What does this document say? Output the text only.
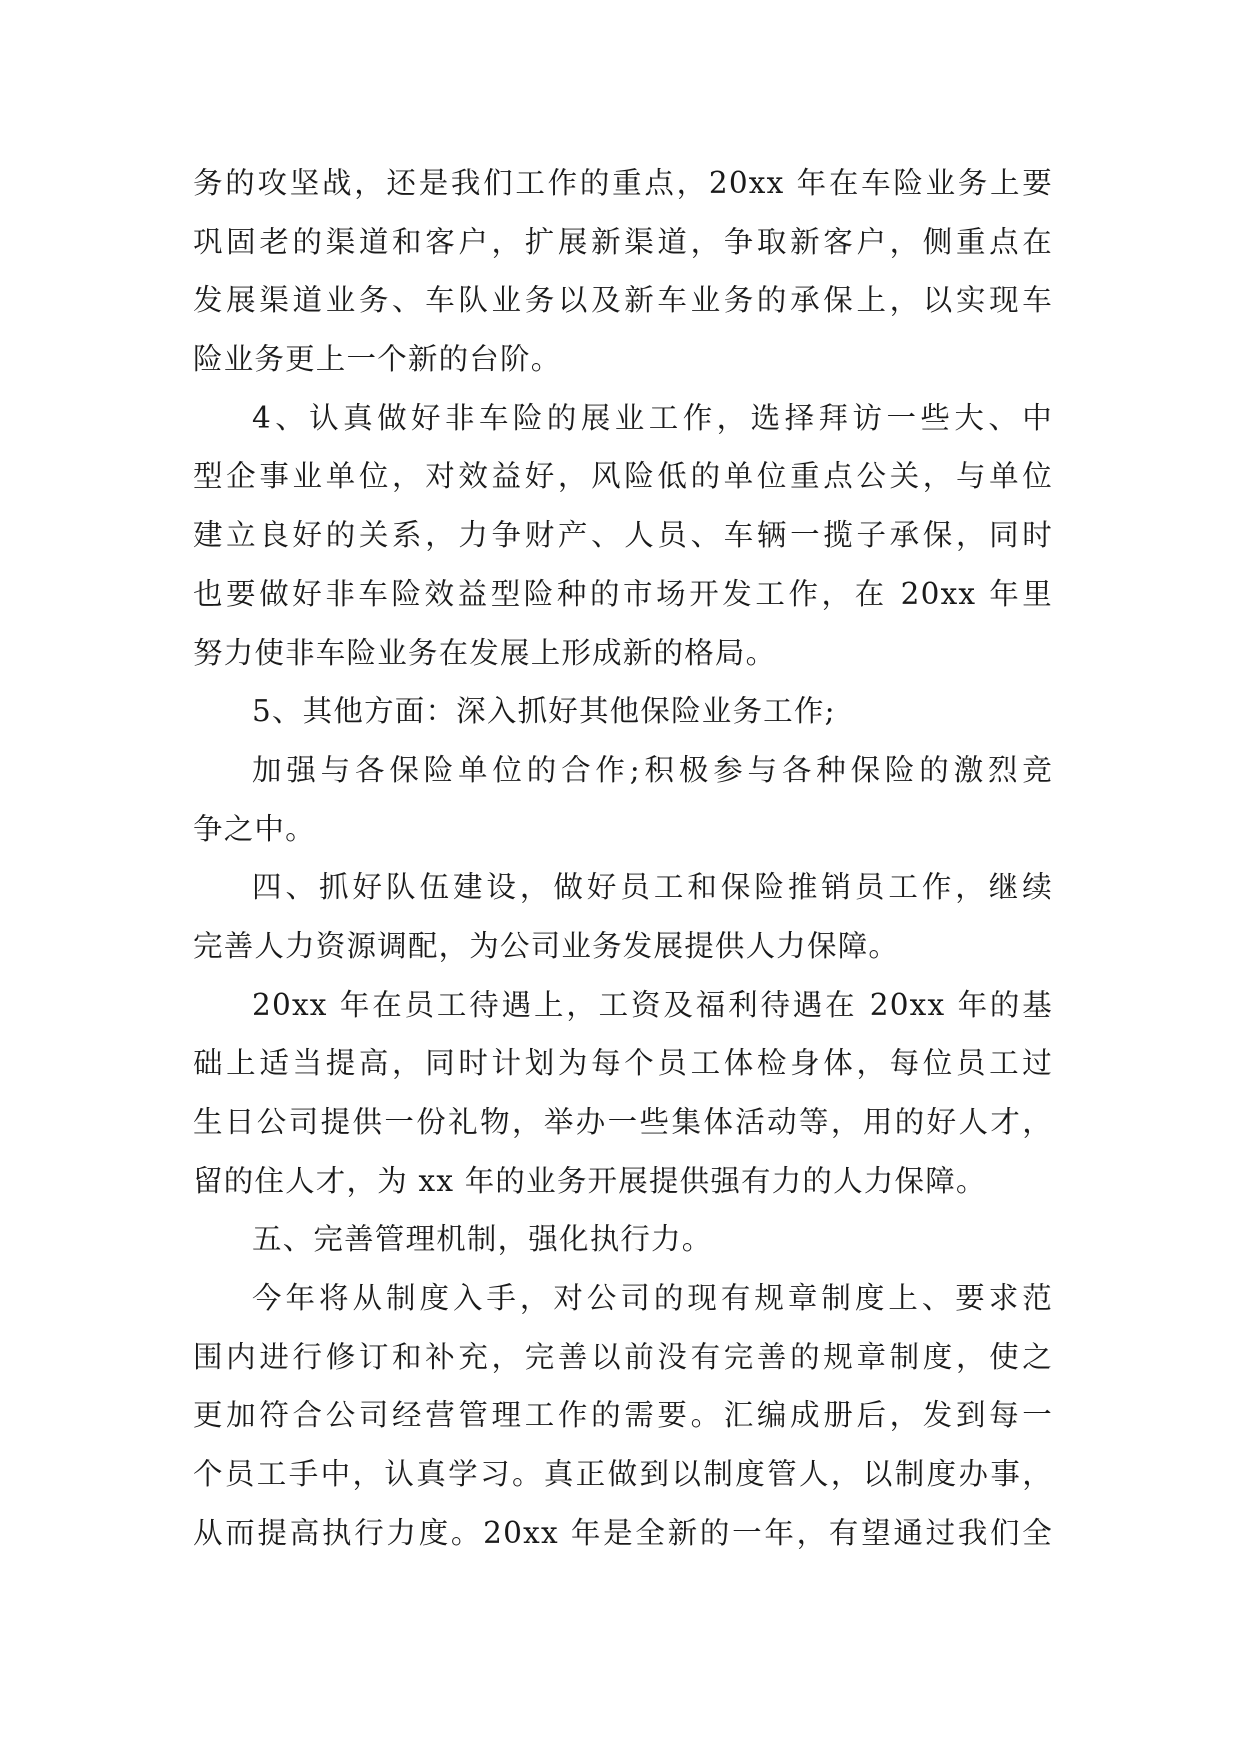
务的攻坚战，还是我们工作的重点，20xx 年在车险业务上要
巩固老的渠道和客户，扩展新渠道，争取新客户，侧重点在
发展渠道业务、车队业务以及新车业务的承保上，以实现车
险业务更上一个新的台阶。
4、认真做好非车险的展业工作，选择拜访一些大、中
型企事业单位，对效益好，风险低的单位重点公关，与单位
建立良好的关系，力争财产、人员、车辆一揽子承保，同时
也要做好非车险效益型险种的市场开发工作，在 20xx 年里
努力使非车险业务在发展上形成新的格局。
5、其他方面：深入抓好其他保险业务工作;
加强与各保险单位的合作;积极参与各种保险的激烈竞
争之中。
四、抓好队伍建设，做好员工和保险推销员工作，继续
完善人力资源调配，为公司业务发展提供人力保障。
20xx 年在员工待遇上，工资及福利待遇在 20xx 年的基
础上适当提高，同时计划为每个员工体检身体，每位员工过
生日公司提供一份礼物，举办一些集体活动等，用的好人才，
留的住人才，为 xx 年的业务开展提供强有力的人力保障。
五、完善管理机制，强化执行力。
今年将从制度入手，对公司的现有规章制度上、要求范
围内进行修订和补充，完善以前没有完善的规章制度，使之
更加符合公司经营管理工作的需要。汇编成册后，发到每一
个员工手中，认真学习。真正做到以制度管人，以制度办事，
从而提高执行力度。20xx 年是全新的一年，有望通过我们全
